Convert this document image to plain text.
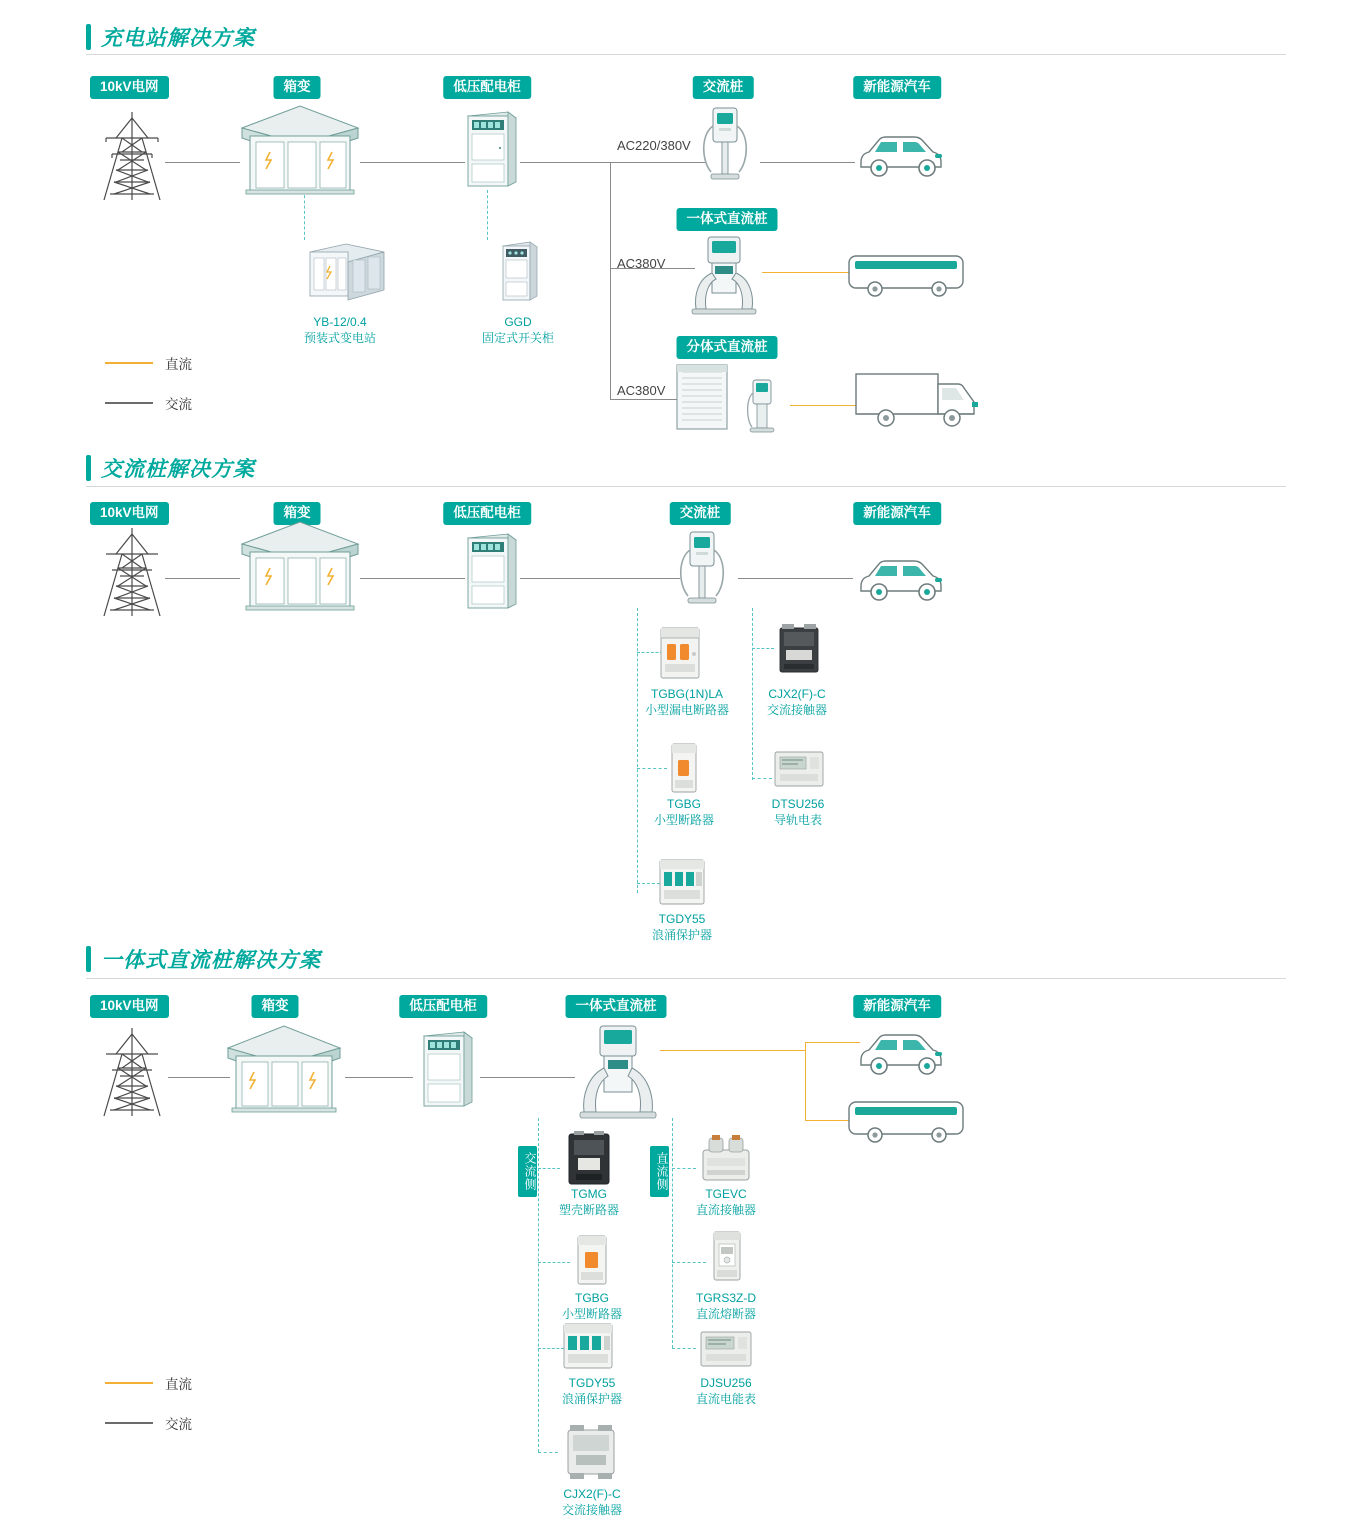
充电站解决方案
10kV电网	箱变	低压配电柜	交流桩	新能源汽车
一体式直流桩
分体式直流桩
YB-12/0.4
预装式变电站
GGD
固定式开关柜
AC220/380V
AC380V
AC380V
直流
交流
交流桩解决方案
10kV电网	箱变	低压配电柜	交流桩	新能源汽车
TGBG(1N)LA
小型漏电断路器
CJX2(F)-C
交流接触器
TGBG
小型断路器
DTSU256
导轨电表
TGDY55
浪涌保护器
一体式直流桩解决方案
10kV电网	箱变	低压配电柜	一体式直流桩	新能源汽车
交流侧	直流侧
TGMG
塑壳断路器
TGBG
小型断路器
TGDY55
浪涌保护器
CJX2(F)-C
交流接触器
TGEVC
直流接触器
TGRS3Z-D
直流熔断器
DJSU256
直流电能表
直流
交流
